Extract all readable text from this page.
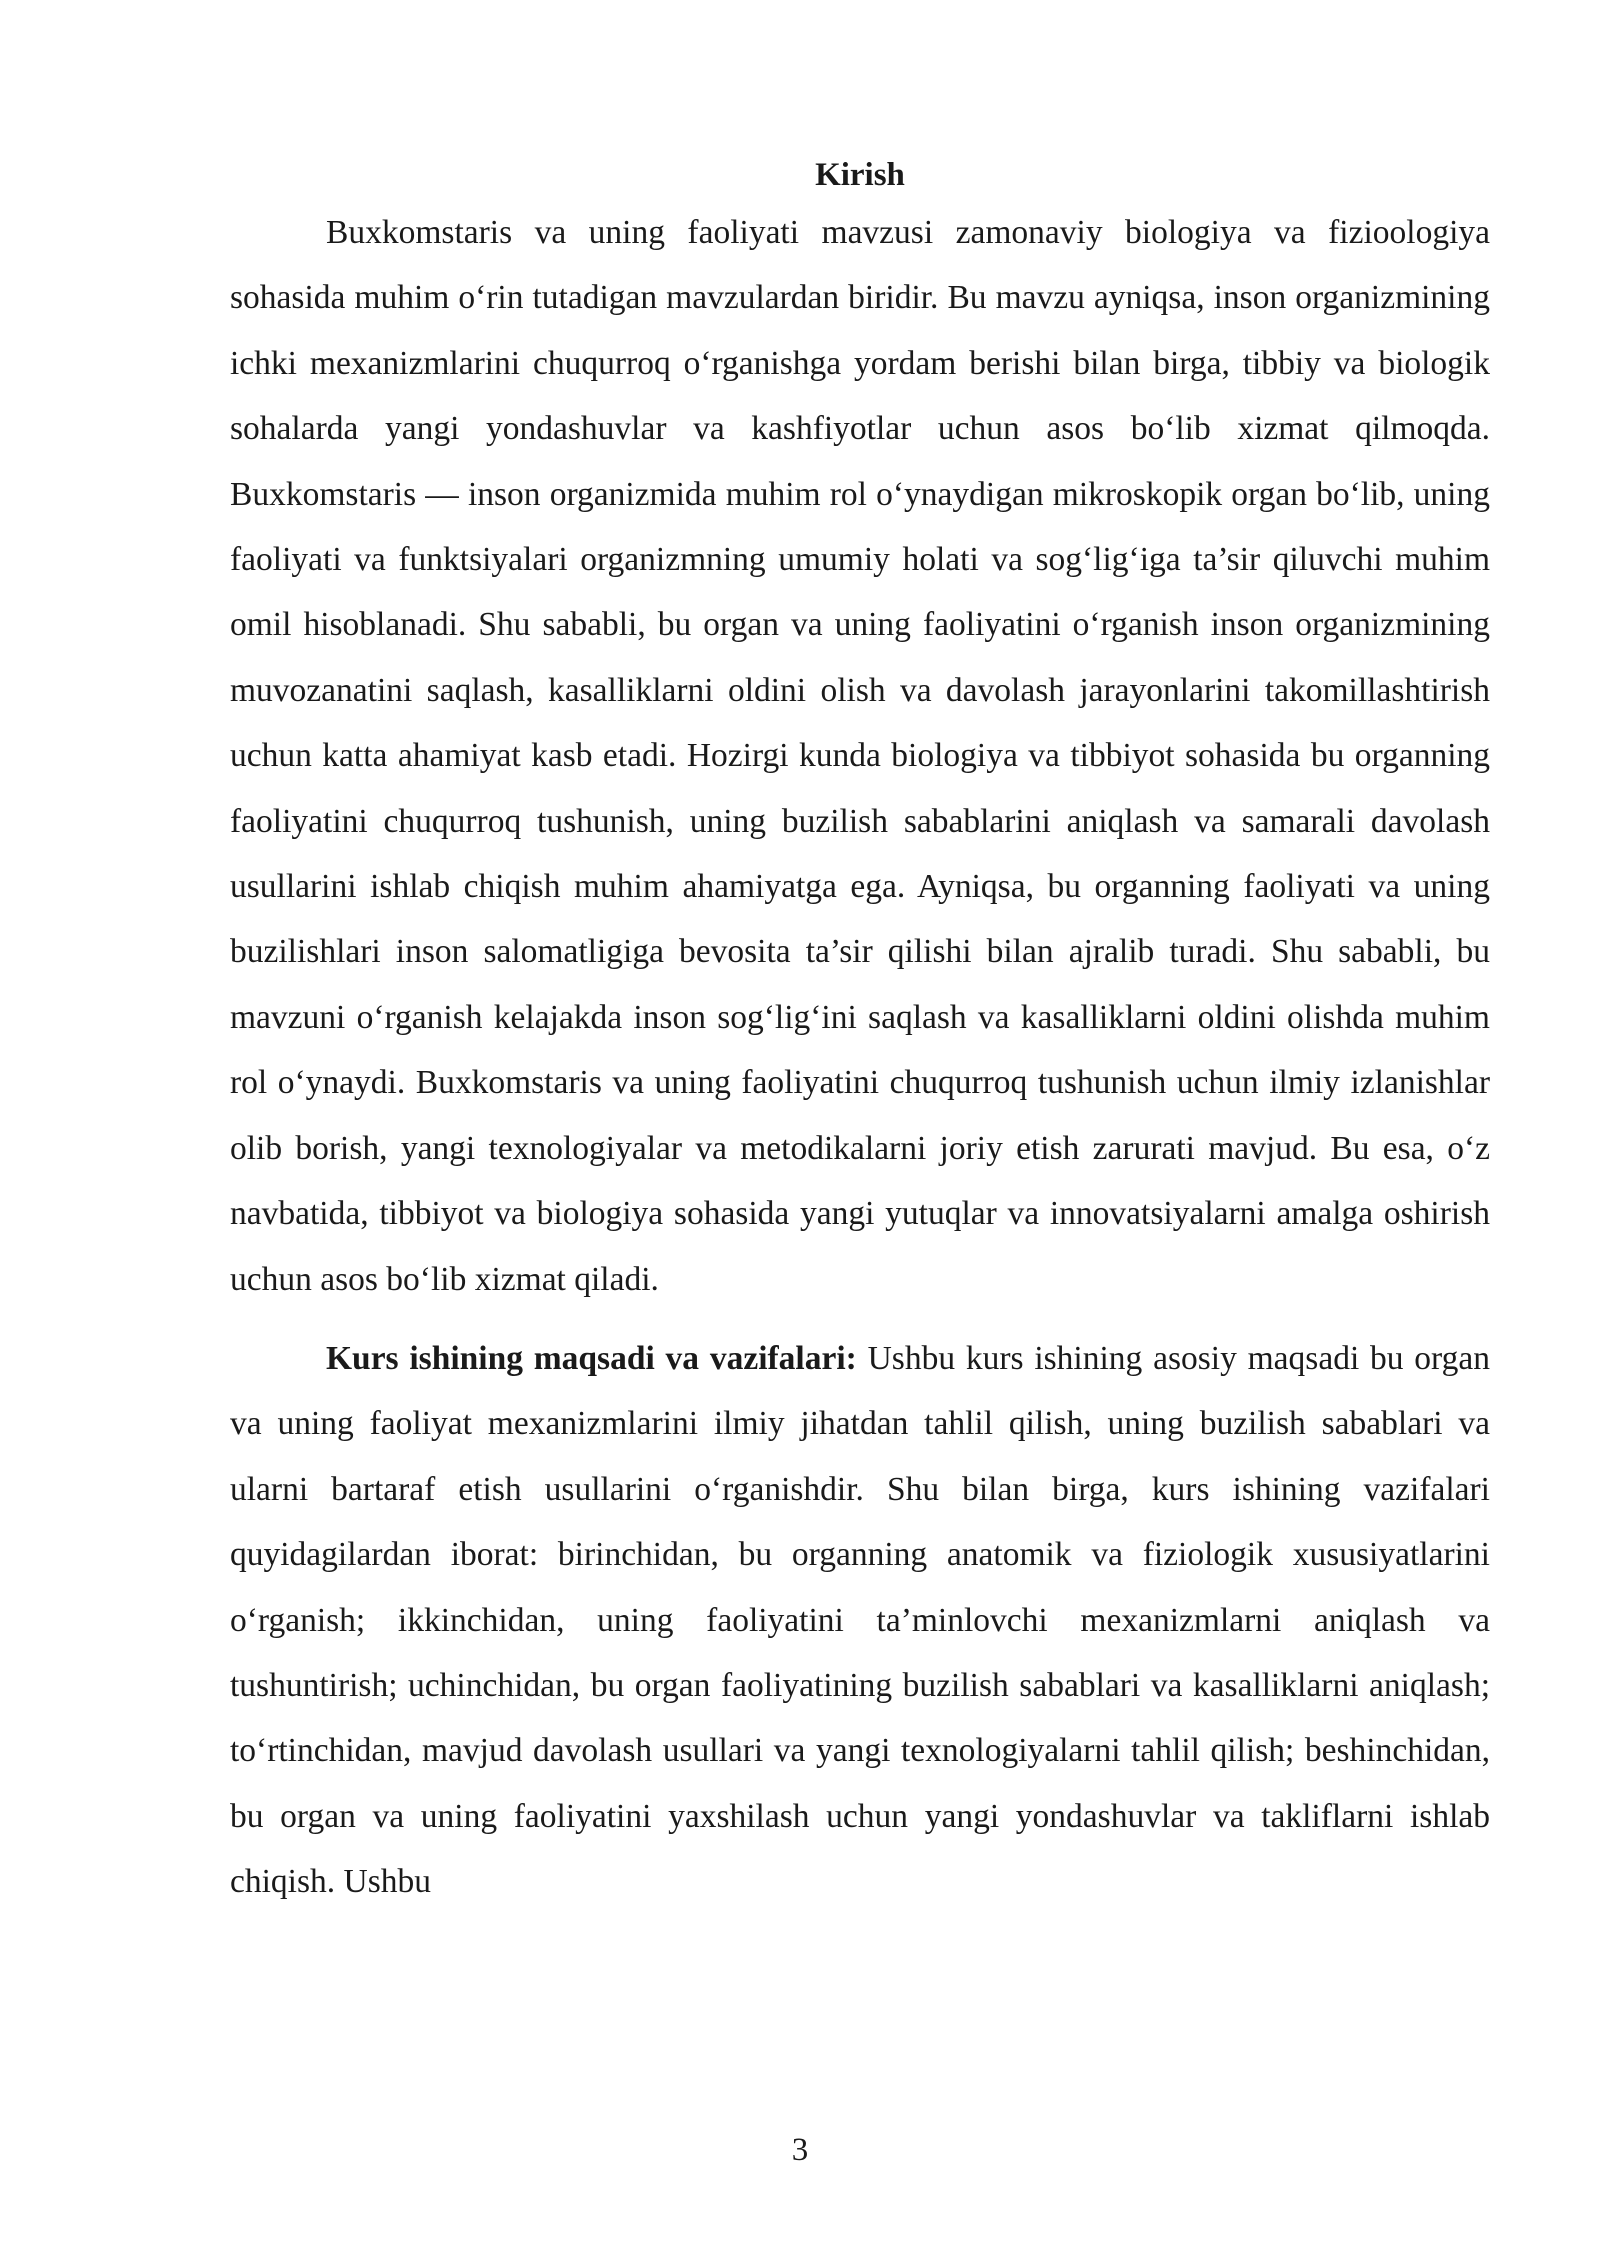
Kirish

Buxkomstaris va uning faoliyati mavzusi zamonaviy biologiya va fizioologiya sohasida muhim o‘rin tutadigan mavzulardan biridir. Bu mavzu ayniqsa, inson organizmining ichki mexanizmlarini chuqurroq o‘rganishga yordam berishi bilan birga, tibbiy va biologik sohalarda yangi yondashuvlar va kashfiyotlar uchun asos bo‘lib xizmat qilmoqda. Buxkomstaris — inson organizmida muhim rol o‘ynaydigan mikroskopik organ bo‘lib, uning faoliyati va funktsiyalari organizmning umumiy holati va sog‘lig‘iga ta’sir qiluvchi muhim omil hisoblanadi. Shu sababli, bu organ va uning faoliyatini o‘rganish inson organizmining muvozanatini saqlash, kasalliklarni oldini olish va davolash jarayonlarini takomillashtirish uchun katta ahamiyat kasb etadi. Hozirgi kunda biologiya va tibbiyot sohasida bu organning faoliyatini chuqurroq tushunish, uning buzilish sabablarini aniqlash va samarali davolash usullarini ishlab chiqish muhim ahamiyatga ega. Ayniqsa, bu organning faoliyati va uning buzilishlari inson salomatligiga bevosita ta’sir qilishi bilan ajralib turadi. Shu sababli, bu mavzuni o‘rganish kelajakda inson sog‘lig‘ini saqlash va kasalliklarni oldini olishda muhim rol o‘ynaydi. Buxkomstaris va uning faoliyatini chuqurroq tushunish uchun ilmiy izlanishlar olib borish, yangi texnologiyalar va metodikalarni joriy etish zarurati mavjud. Bu esa, o‘z navbatida, tibbiyot va biologiya sohasida yangi yutuqlar va innovatsiyalarni amalga oshirish uchun asos bo‘lib xizmat qiladi.

Kurs ishining maqsadi va vazifalari: Ushbu kurs ishining asosiy maqsadi bu organ va uning faoliyat mexanizmlarini ilmiy jihatdan tahlil qilish, uning buzilish sabablari va ularni bartaraf etish usullarini o‘rganishdir. Shu bilan birga, kurs ishining vazifalari quyidagilardan iborat: birinchidan, bu organning anatomik va fiziologik xususiyatlarini o‘rganish; ikkinchidan, uning faoliyatini ta’minlovchi mexanizmlarni aniqlash va tushuntirish; uchinchidan, bu organ faoliyatining buzilish sabablari va kasalliklarni aniqlash; to‘rtinchidan, mavjud davolash usullari va yangi texnologiyalarni tahlil qilish; beshinchidan, bu organ va uning faoliyatini yaxshilash uchun yangi yondashuvlar va takliflarni ishlab chiqish. Ushbu

3
